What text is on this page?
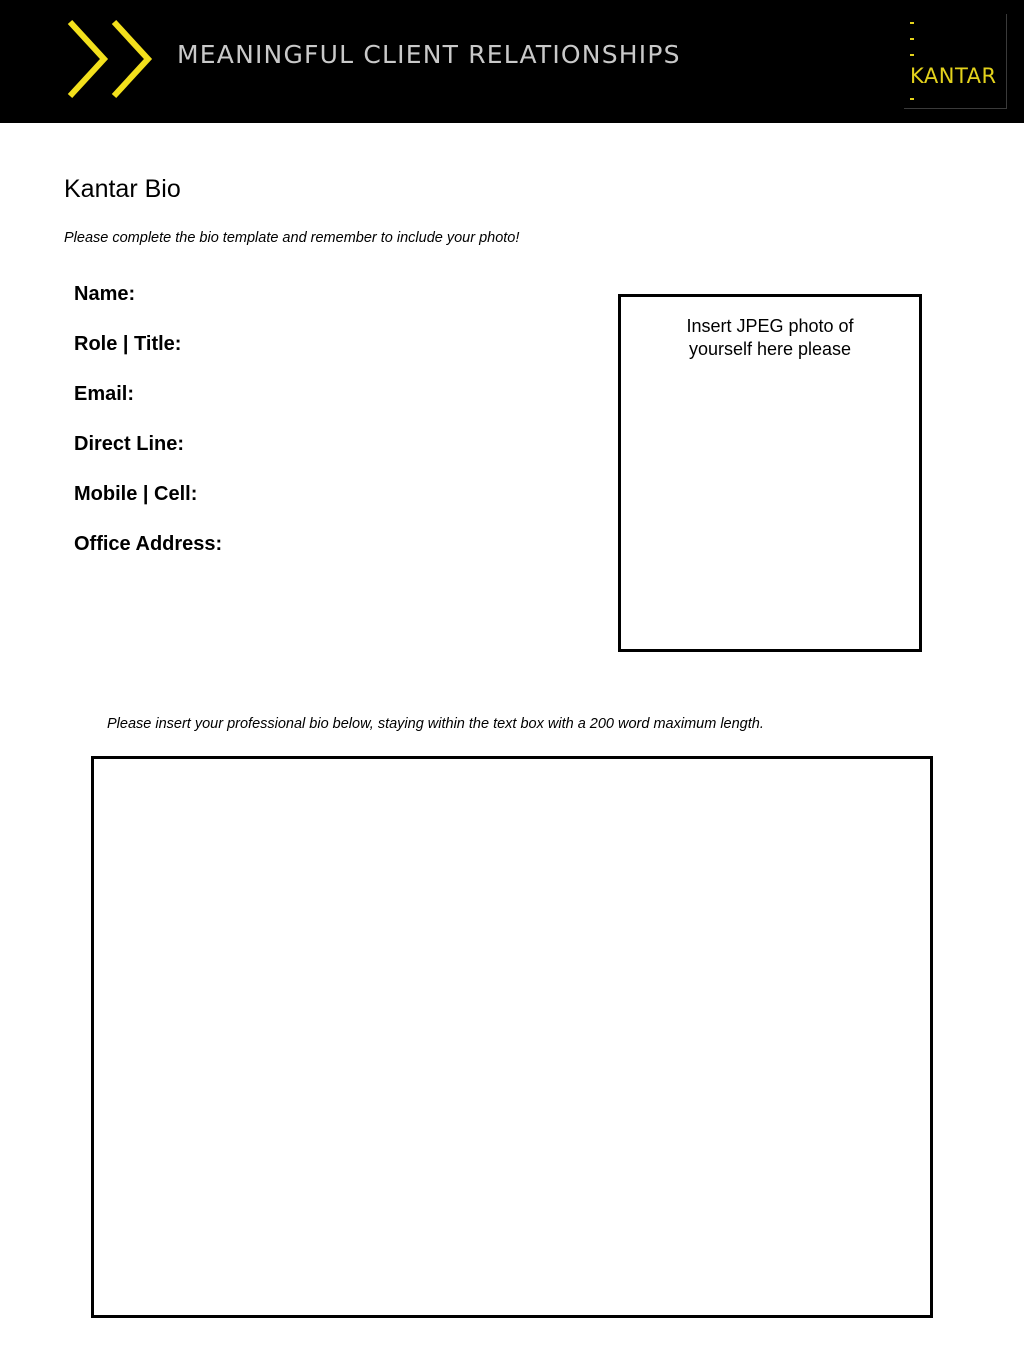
MEANINGFUL CLIENT RELATIONSHIPS
KANTAR
Kantar Bio
Please complete the bio template and remember to include your photo!
Name:
Role | Title:
Email:
Direct Line:
Mobile | Cell:
Office Address:
Insert JPEG photo of
yourself here please
Please insert your professional bio below, staying within the text box with a 200 word maximum length.
